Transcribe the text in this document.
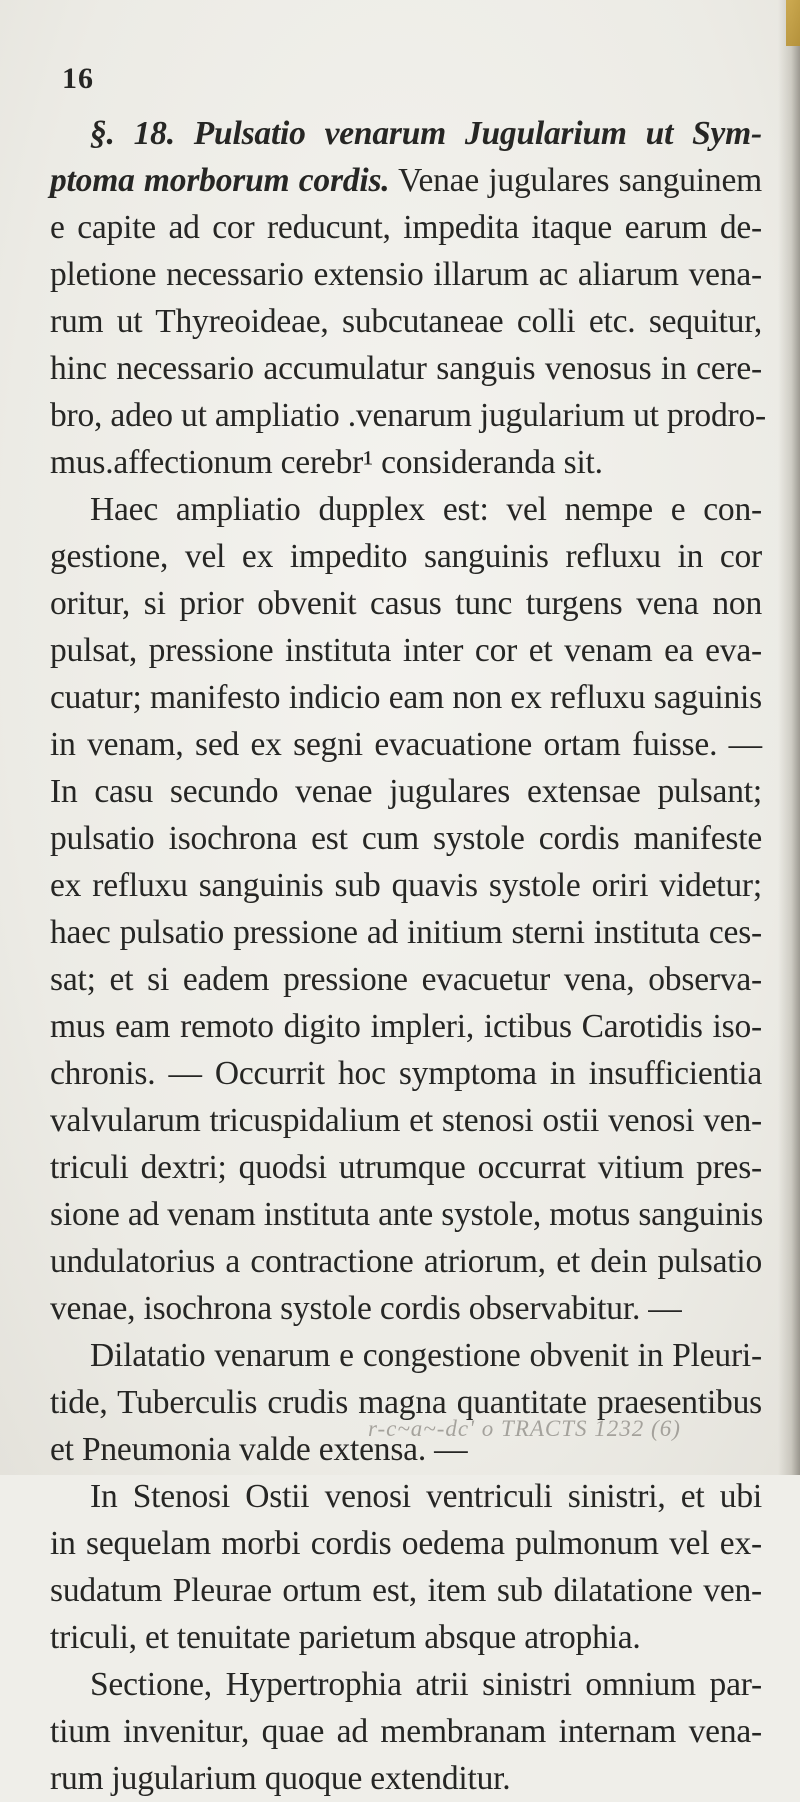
16
§. 18. Pulsatio venarum Jugularium ut Sym-
ptoma morborum cordis. Venae jugulares sanguinem
e capite ad cor reducunt, impedita itaque earum de-
pletione necessario extensio illarum ac aliarum vena-
rum ut Thyreoideae, subcutaneae colli etc. sequitur,
hinc necessario accumulatur sanguis venosus in cere-
bro, adeo ut ampliatio .venarum jugularium ut prodro-
mus.affectionum cerebr¹ consideranda sit.
Haec ampliatio dupplex est: vel nempe e con-
gestione, vel ex impedito sanguinis refluxu in cor
oritur, si prior obvenit casus tunc turgens vena non
pulsat, pressione instituta inter cor et venam ea eva-
cuatur; manifesto indicio eam non ex refluxu saguinis
in venam, sed ex segni evacuatione ortam fuisse. —
In casu secundo venae jugulares extensae pulsant;
pulsatio isochrona est cum systole cordis manifeste
ex refluxu sanguinis sub quavis systole oriri videtur;
haec pulsatio pressione ad initium sterni instituta ces-
sat; et si eadem pressione evacuetur vena, observa-
mus eam remoto digito impleri, ictibus Carotidis iso-
chronis. — Occurrit hoc symptoma in insufficientia
valvularum tricuspidalium et stenosi ostii venosi ven-
triculi dextri; quodsi utrumque occurrat vitium pres-
sione ad venam instituta ante systole, motus sanguinis
undulatorius a contractione atriorum, et dein pulsatio
venae, isochrona systole cordis observabitur. —
Dilatatio venarum e congestione obvenit in Pleuri-
tide, Tuberculis crudis magna quantitate praesentibus
et Pneumonia valde extensa. —
In Stenosi Ostii venosi ventriculi sinistri, et ubi
in sequelam morbi cordis oedema pulmonum vel ex-
sudatum Pleurae ortum est, item sub dilatatione ven-
triculi, et tenuitate parietum absque atrophia.
Sectione, Hypertrophia atrii sinistri omnium par-
tium invenitur, quae ad membranam internam vena-
rum jugularium quoque extenditur.
r-c~a~-dc' o TRACTS 1232 (6)
